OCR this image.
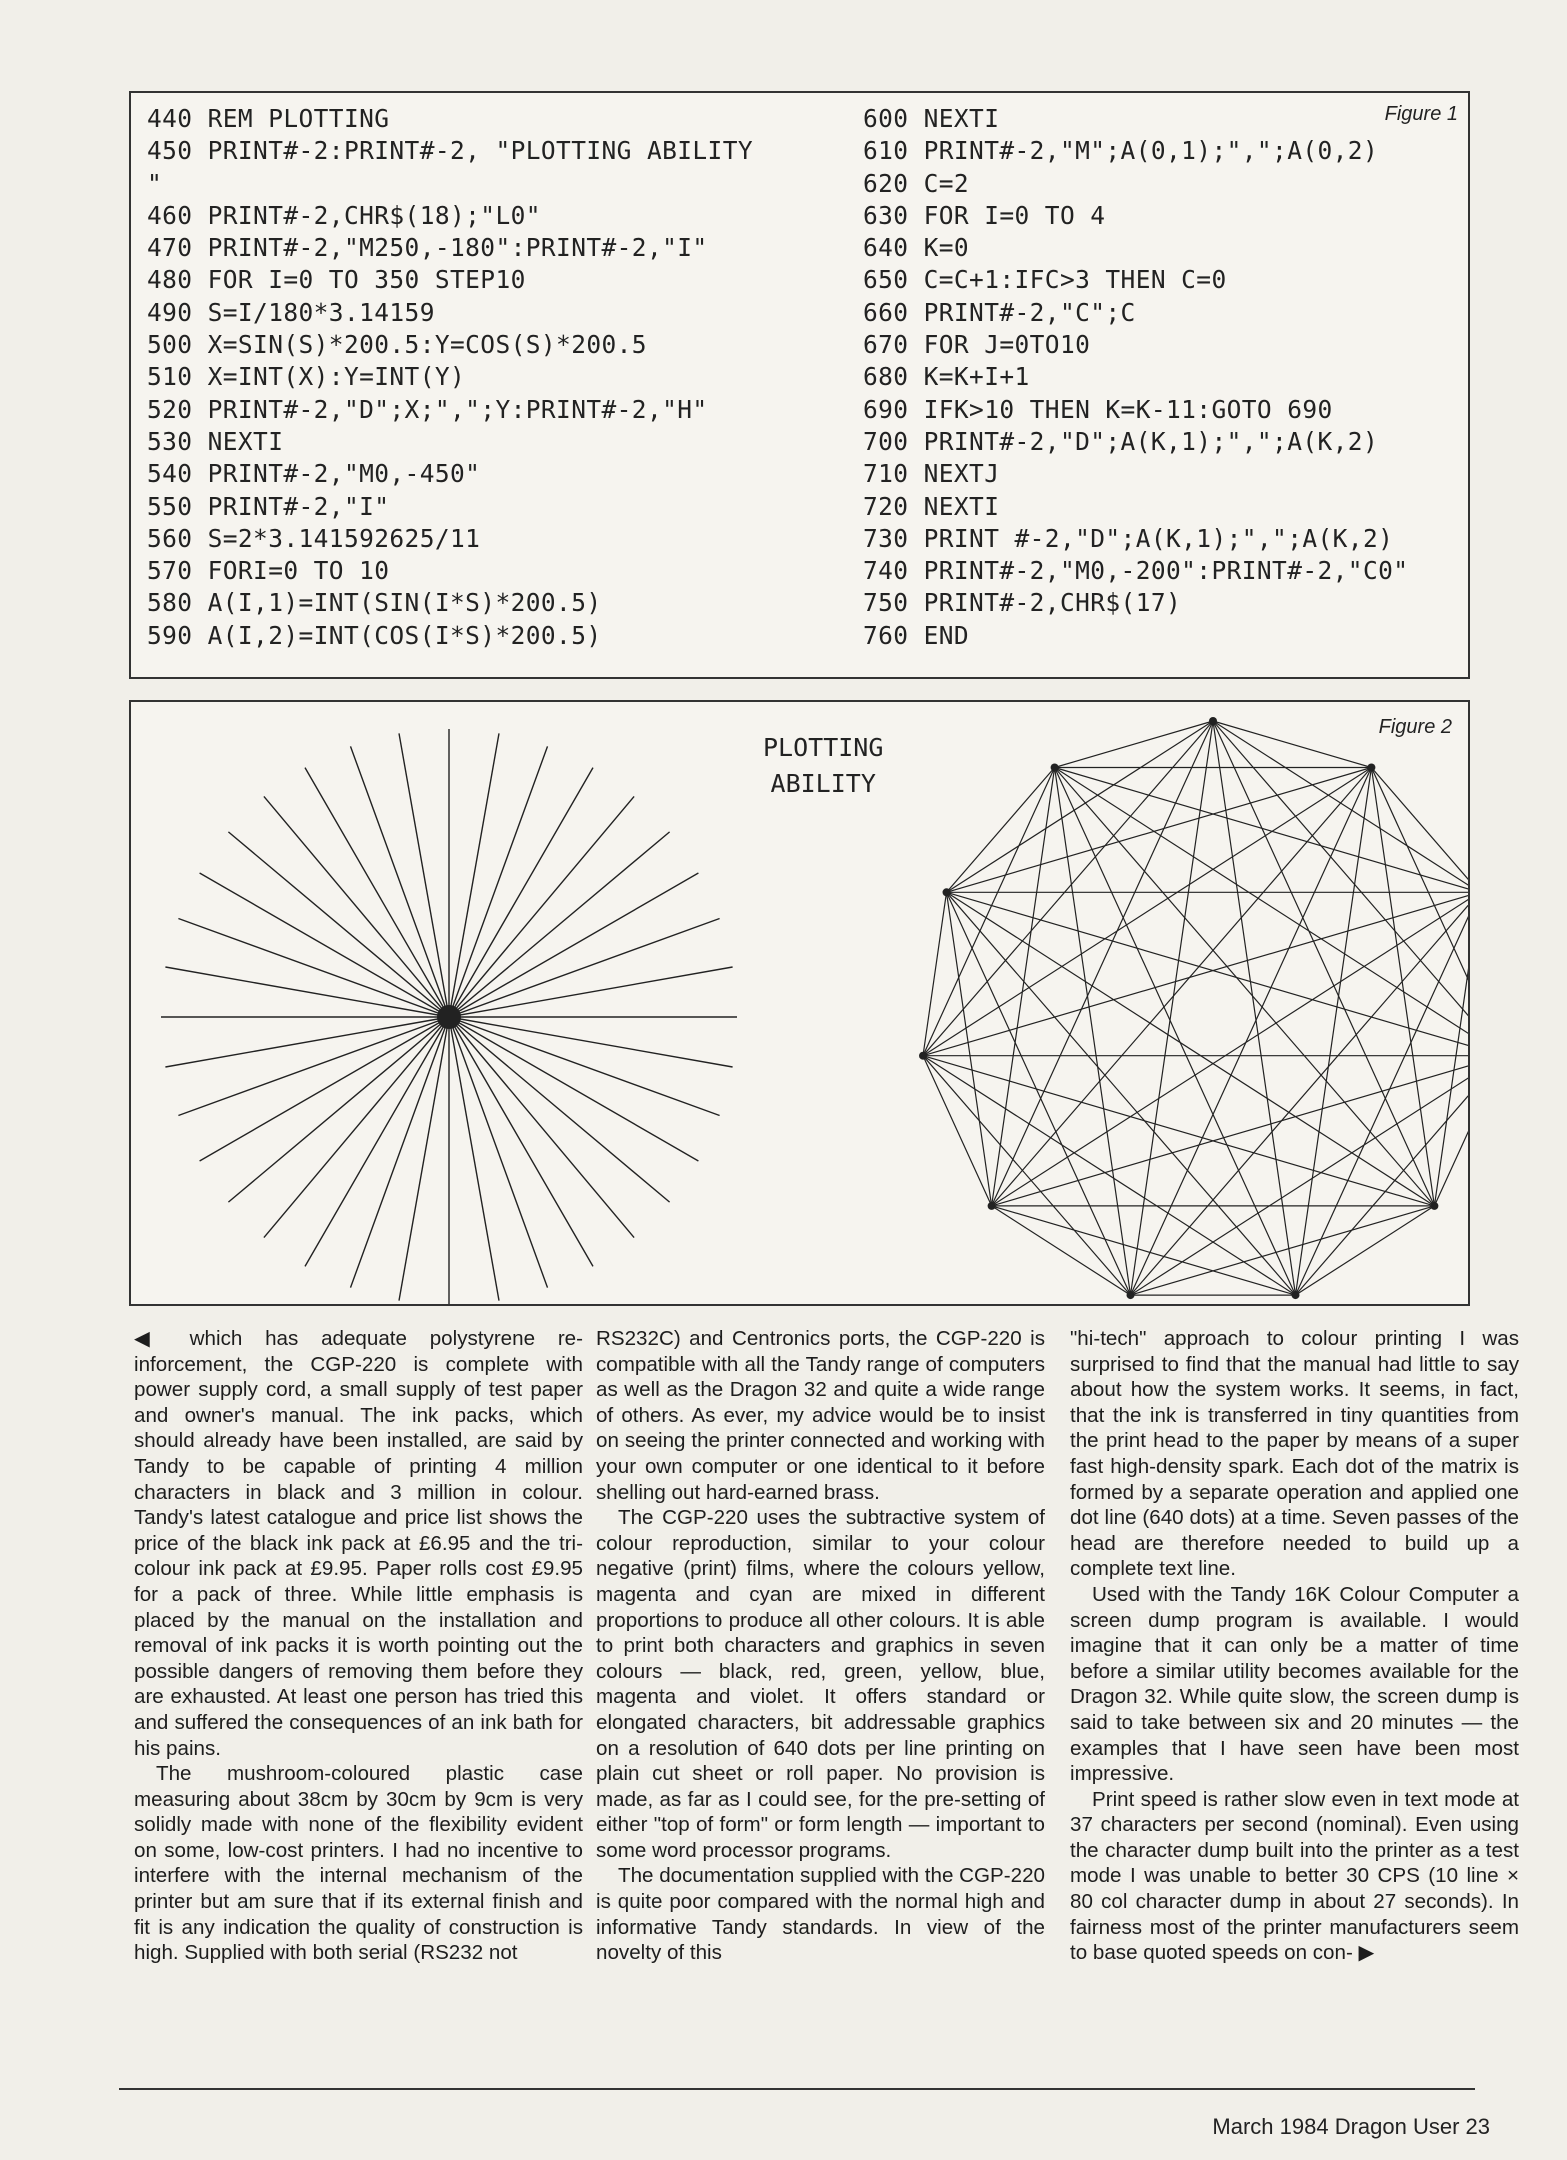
440 REM PLOTTING
450 PRINT#-2:PRINT#-2, "PLOTTING ABILITY
"
460 PRINT#-2,CHR$(18);"L0"
470 PRINT#-2,"M250,-180":PRINT#-2,"I"
480 FOR I=0 TO 350 STEP10
490 S=I/180*3.14159
500 X=SIN(S)*200.5:Y=COS(S)*200.5
510 X=INT(X):Y=INT(Y)
520 PRINT#-2,"D";X;",";Y:PRINT#-2,"H"
530 NEXTI
540 PRINT#-2,"M0,-450"
550 PRINT#-2,"I"
560 S=2*3.141592625/11
570 FORI=0 TO 10
580 A(I,1)=INT(SIN(I*S)*200.5)
590 A(I,2)=INT(COS(I*S)*200.5)
600 NEXTI
610 PRINT#-2,"M";A(0,1);",";A(0,2)
620 C=2
630 FOR I=0 TO 4
640 K=0
650 C=C+1:IFC>3 THEN C=0
660 PRINT#-2,"C";C
670 FOR J=0TO10
680 K=K+I+1
690 IFK>10 THEN K=K-11:GOTO 690
700 PRINT#-2,"D";A(K,1);",";A(K,2)
710 NEXTJ
720 NEXTI
730 PRINT #-2,"D";A(K,1);",";A(K,2)
740 PRINT#-2,"M0,-200":PRINT#-2,"C0"
750 PRINT#-2,CHR$(17)
760 END
Figure 1
PLOTTING
ABILITY
Figure 2

◀ which has adequate polystyrene reinforcement, the CGP-220 is complete with power supply cord, a small supply of test paper and owner's manual. The ink packs, which should already have been installed, are said by Tandy to be capable of printing 4 million characters in black and 3 million in colour. Tandy's latest catalogue and price list shows the price of the black ink pack at £6.95 and the tri-colour ink pack at £9.95. Paper rolls cost £9.95 for a pack of three. While little emphasis is placed by the manual on the installation and removal of ink packs it is worth pointing out the possible dangers of removing them before they are exhausted. At least one person has tried this and suffered the consequences of an ink bath for his pains.

The mushroom-coloured plastic case measuring about 38cm by 30cm by 9cm is very solidly made with none of the flexibility evident on some, low-cost printers. I had no incentive to interfere with the internal mechanism of the printer but am sure that if its external finish and fit is any indication the quality of construction is high. Supplied with both serial (RS232 not

RS232C) and Centronics ports, the CGP-220 is compatible with all the Tandy range of computers as well as the Dragon 32 and quite a wide range of others. As ever, my advice would be to insist on seeing the printer connected and working with your own computer or one identical to it before shelling out hard-earned brass.

The CGP-220 uses the subtractive system of colour reproduction, similar to your colour negative (print) films, where the colours yellow, magenta and cyan are mixed in different proportions to produce all other colours. It is able to print both characters and graphics in seven colours — black, red, green, yellow, blue, magenta and violet. It offers standard or elongated characters, bit addressable graphics on a resolution of 640 dots per line printing on plain cut sheet or roll paper. No provision is made, as far as I could see, for the pre-setting of either "top of form" or form length — important to some word processor programs.

The documentation supplied with the CGP-220 is quite poor compared with the normal high and informative Tandy standards. In view of the novelty of this

"hi-tech" approach to colour printing I was surprised to find that the manual had little to say about how the system works. It seems, in fact, that the ink is transferred in tiny quantities from the print head to the paper by means of a super fast high-density spark. Each dot of the matrix is formed by a separate operation and applied one dot line (640 dots) at a time. Seven passes of the head are therefore needed to build up a complete text line.

Used with the Tandy 16K Colour Computer a screen dump program is available. I would imagine that it can only be a matter of time before a similar utility becomes available for the Dragon 32. While quite slow, the screen dump is said to take between six and 20 minutes — the examples that I have seen have been most impressive.

Print speed is rather slow even in text mode at 37 characters per second (nominal). Even using the character dump built into the printer as a test mode I was unable to better 30 CPS (10 line × 80 col character dump in about 27 seconds). In fairness most of the printer manufacturers seem to base quoted speeds on con- ▶

March 1984 Dragon User 23
